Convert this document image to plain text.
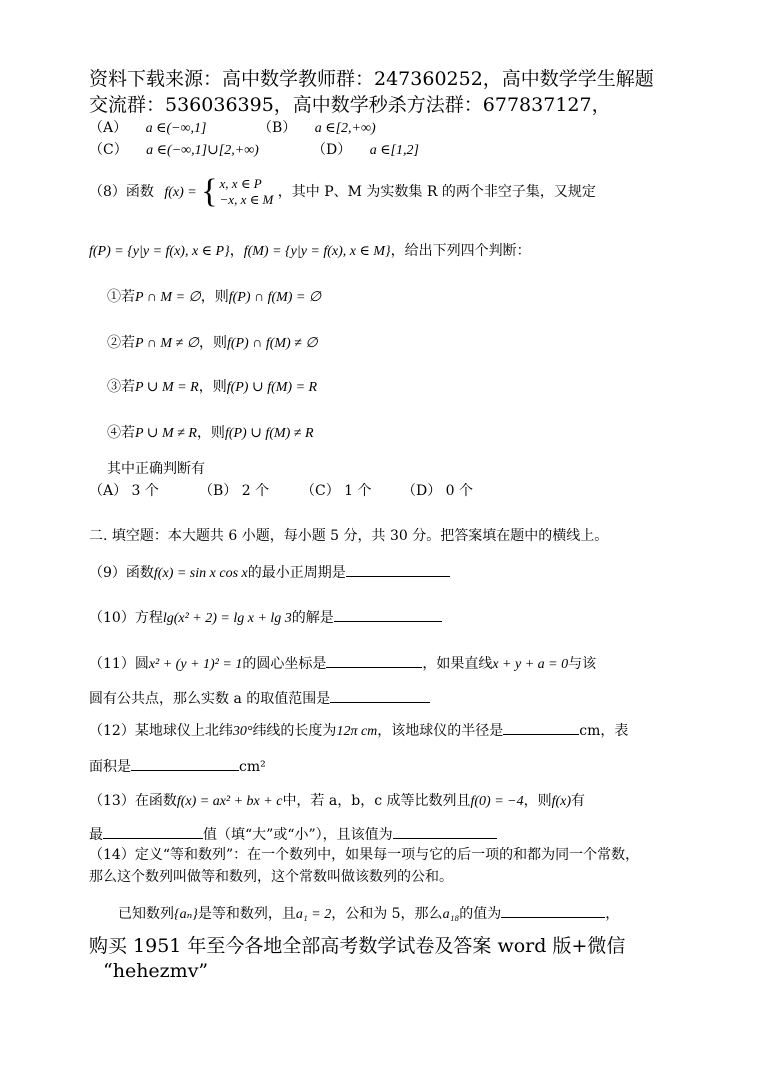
资料下载来源：高中数学教师群：247360252，高中数学学生解题
交流群：536036395，高中数学秒杀方法群：677837127，
（A） a ∈(−∞,1]	（B） a ∈[2,+∞)
（C） a ∈(−∞,1]∪[2,+∞)	（D） a ∈[1,2]
（8）函数 f(x) = { x, x ∈ P
−x, x ∈ M ，其中 P、M 为实数集 R 的两个非空子集，又规定
f(P) = {y|y = f(x), x ∈ P}，f(M) = {y|y = f(x), x ∈ M}，给出下列四个判断：
①若P ∩ M = ∅，则f(P) ∩ f(M) = ∅
②若P ∩ M ≠ ∅，则f(P) ∩ f(M) ≠ ∅
③若P ∪ M = R，则f(P) ∪ f(M) = R
④若P ∪ M ≠ R，则f(P) ∪ f(M) ≠ R
其中正确判断有
（A） 3 个	（B） 2 个 （C） 1 个 （D） 0 个
二. 填空题：本大题共 6 小题，每小题 5 分，共 30 分。把答案填在题中的横线上。
（9）函数f(x) = sin x cos x的最小正周期是
（10）方程lg(x² + 2) = lg x + lg 3的解是
（11）圆x² + (y + 1)² = 1的圆心坐标是	，如果直线x + y + a = 0与该
圆有公共点，那么实数 a 的取值范围是
（12）某地球仪上北纬30°纬线的长度为12π cm，该地球仪的半径是	cm，表
面积是	cm²
（13）在函数f(x) = ax² + bx + c中，若 a，b，c 成等比数列且f(0) = −4，则f(x)有
最	值（填“大”或“小”），且该值为
（14）定义“等和数列”：在一个数列中，如果每一项与它的后一项的和都为同一个常数，
那么这个数列叫做等和数列，这个常数叫做该数列的公和。
已知数列{aₙ}是等和数列，且a₁ = 2，公和为 5，那么a₁₈的值为	，
购买 1951 年至今各地全部高考数学试卷及答案 word 版+微信
“hehezmv”
